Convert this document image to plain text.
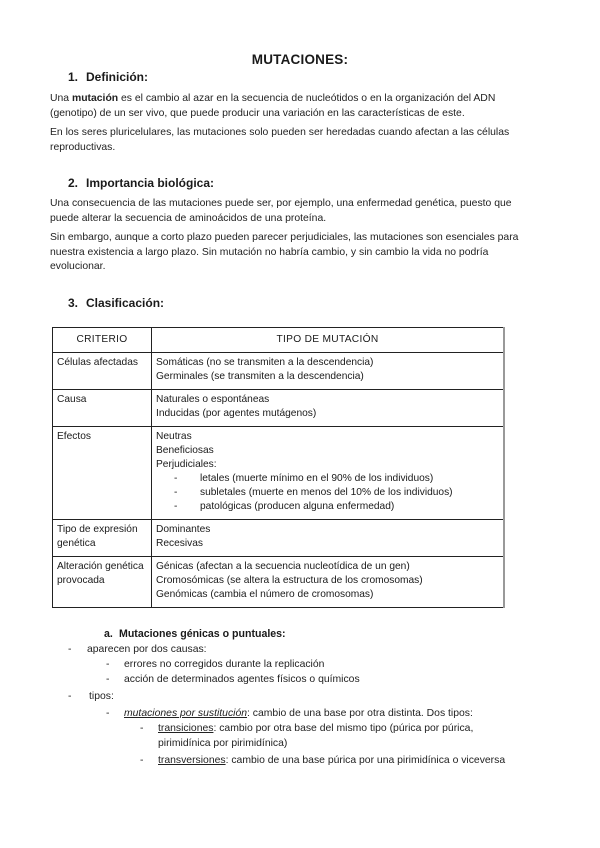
MUTACIONES:
1. Definición:
Una mutación es el cambio al azar en la secuencia de nucleótidos o en la organización del ADN (genotipo) de un ser vivo, que puede producir una variación en las características de este.
En los seres pluricelulares, las mutaciones solo pueden ser heredadas cuando afectan a las células reproductivas.
2. Importancia biológica:
Una consecuencia de las mutaciones puede ser, por ejemplo, una enfermedad genética, puesto que puede alterar la secuencia de aminoácidos de una proteína.
Sin embargo, aunque a corto plazo pueden parecer perjudiciales, las mutaciones son esenciales para nuestra existencia a largo plazo. Sin mutación no habría cambio, y sin cambio la vida no podría evolucionar.
3. Clasificación:
CRITERIO	TIPO DE MUTACIÓN
Células afectadas	Somáticas (no se transmiten a la descendencia)
Germinales (se transmiten a la descendencia)

Causa	Naturales o espontáneas
Inducidas (por agentes mutágenos)

Efectos	Neutras
Beneficiosas
Perjudiciales:
- letales (muerte mínimo en el 90% de los individuos)
- subletales (muerte en menos del 10% de los individuos)
- patológicas (producen alguna enfermedad)

Tipo de expresión genética	Dominantes
Recesivas

Alteración genética provocada	Génicas (afectan a la secuencia nucleotídica de un gen)
Cromosómicas (se altera la estructura de los cromosomas)
Genómicas (cambia el número de cromosomas)
a. Mutaciones génicas o puntuales:
- aparecen por dos causas:
- errores no corregidos durante la replicación
- acción de determinados agentes físicos o químicos
- tipos:
- mutaciones por sustitución: cambio de una base por otra distinta. Dos tipos:
-	transiciones: cambio por otra base del mismo tipo (púrica por púrica, pirimidínica por pirimidínica)
-	transversiones: cambio de una base púrica por una pirimidínica o viceversa
